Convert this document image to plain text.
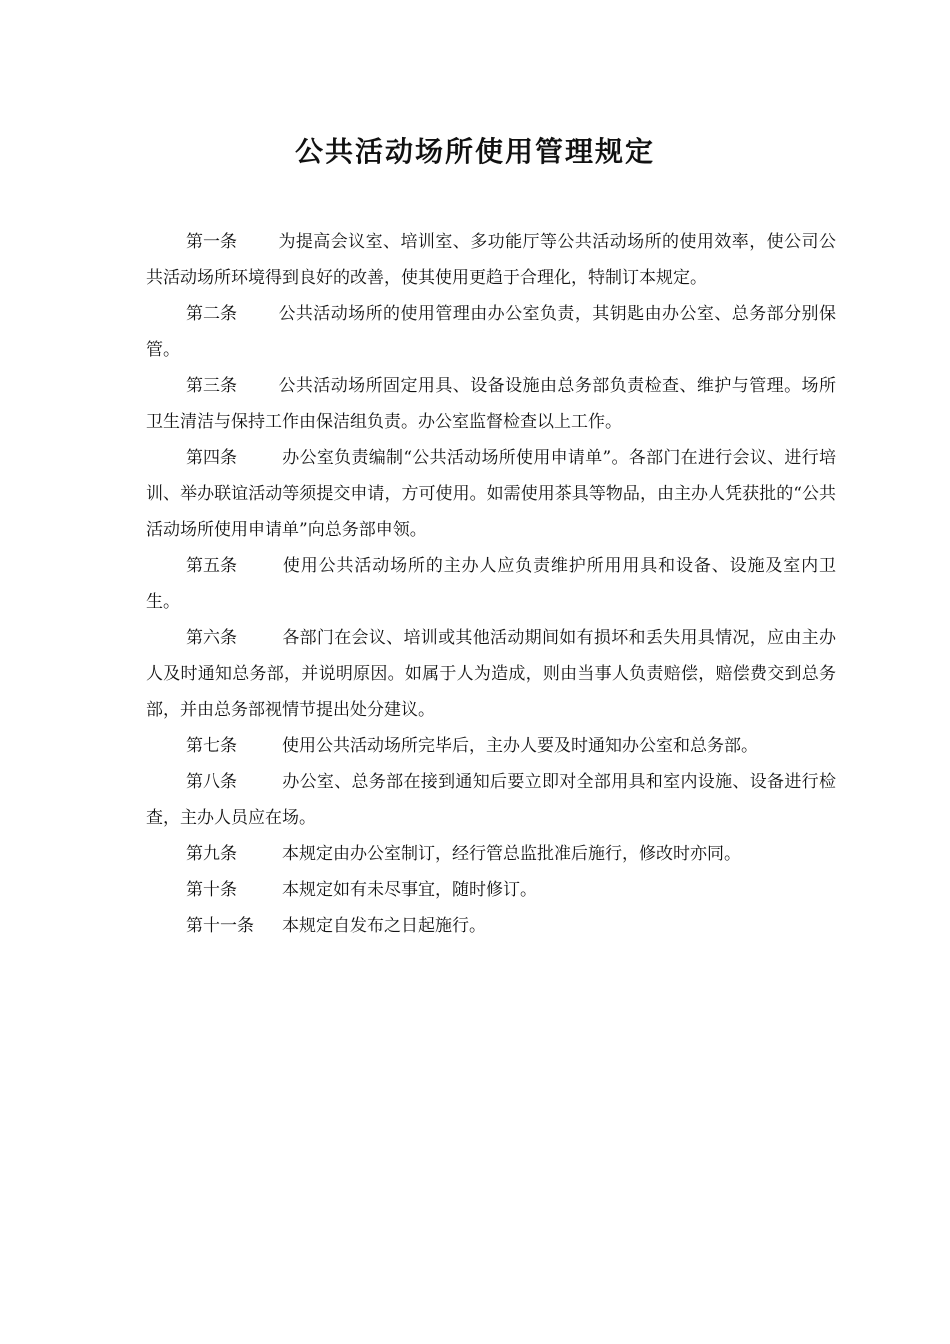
公共活动场所使用管理规定

第一条 为提高会议室、培训室、多功能厅等公共活动场所的使用效率，使公司公共活动场所环境得到良好的改善，使其使用更趋于合理化，特制订本规定。

第二条 公共活动场所的使用管理由办公室负责，其钥匙由办公室、总务部分别保管。

第三条 公共活动场所固定用具、设备设施由总务部负责检查、维护与管理。场所卫生清洁与保持工作由保洁组负责。办公室监督检查以上工作。

第四条	办公室负责编制“公共活动场所使用申请单”。各部门在进行会议、进行培训、举办联谊活动等须提交申请，方可使用。如需使用茶具等物品，由主办人凭获批的“公共活动场所使用申请单”向总务部申领。

第五条	使用公共活动场所的主办人应负责维护所用用具和设备、设施及室内卫生。

第六条	各部门在会议、培训或其他活动期间如有损坏和丢失用具情况，应由主办人及时通知总务部，并说明原因。如属于人为造成，则由当事人负责赔偿，赔偿费交到总务部，并由总务部视情节提出处分建议。

第七条	使用公共活动场所完毕后，主办人要及时通知办公室和总务部。

第八条	办公室、总务部在接到通知后要立即对全部用具和室内设施、设备进行检查，主办人员应在场。

第九条	本规定由办公室制订，经行管总监批准后施行，修改时亦同。

第十条	本规定如有未尽事宜，随时修订。

第十一条 本规定自发布之日起施行。
